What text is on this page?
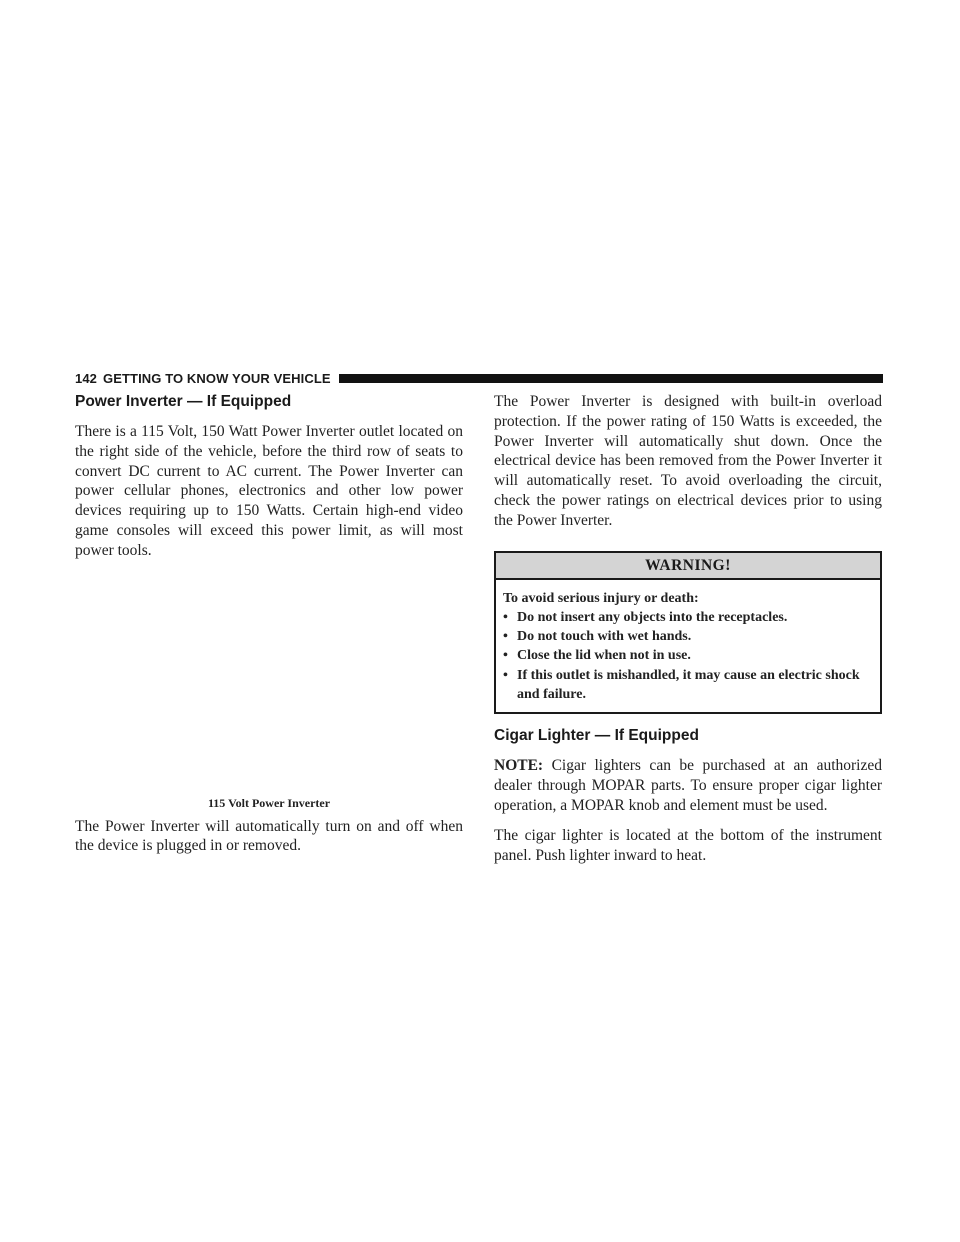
142 GETTING TO KNOW YOUR VEHICLE
Power Inverter — If Equipped

There is a 115 Volt, 150 Watt Power Inverter outlet located on the right side of the vehicle, before the third row of seats to convert DC current to AC current. The Power Inverter can power cellular phones, electronics and other low power devices requiring up to 150 Watts. Certain high-end video game consoles will exceed this power limit, as will most power tools.

115 Volt Power Inverter

The Power Inverter will automatically turn on and off when the device is plugged in or removed.

The Power Inverter is designed with built-in overload protection. If the power rating of 150 Watts is exceeded, the Power Inverter will automatically shut down. Once the electrical device has been removed from the Power Inverter it will automatically reset. To avoid overloading the circuit, check the power ratings on electrical devices prior to using the Power Inverter.

WARNING!
To avoid serious injury or death:
• Do not insert any objects into the receptacles.
• Do not touch with wet hands.
• Close the lid when not in use.
• If this outlet is mishandled, it may cause an electric shock and failure.
Cigar Lighter — If Equipped

NOTE: Cigar lighters can be purchased at an authorized dealer through MOPAR parts. To ensure proper cigar lighter operation, a MOPAR knob and element must be used.

The cigar lighter is located at the bottom of the instrument panel. Push lighter inward to heat.
